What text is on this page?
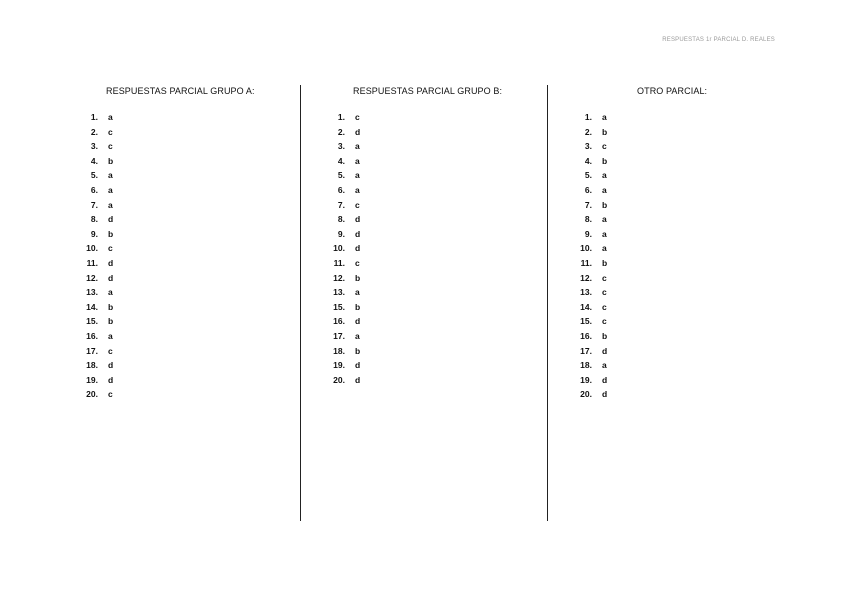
RESPUESTAS 1r PARCIAL D. REALES
RESPUESTAS PARCIAL GRUPO A:
1. a
2. c
3. c
4. b
5. a
6. a
7. a
8. d
9. b
10. c
11. d
12. d
13. a
14. b
15. b
16. a
17. c
18. d
19. d
20. c
RESPUESTAS PARCIAL GRUPO B:
1. c
2. d
3. a
4. a
5. a
6. a
7. c
8. d
9. d
10. d
11. c
12. b
13. a
15. b
16. d
17. a
18. b
19. d
20. d
OTRO PARCIAL:
1. a
2. b
3. c
4. b
5. a
6. a
7. b
8. a
9. a
10. a
11. b
12. c
13. c
14. c
15. c
16. b
17. d
18. a
19. d
20. d
